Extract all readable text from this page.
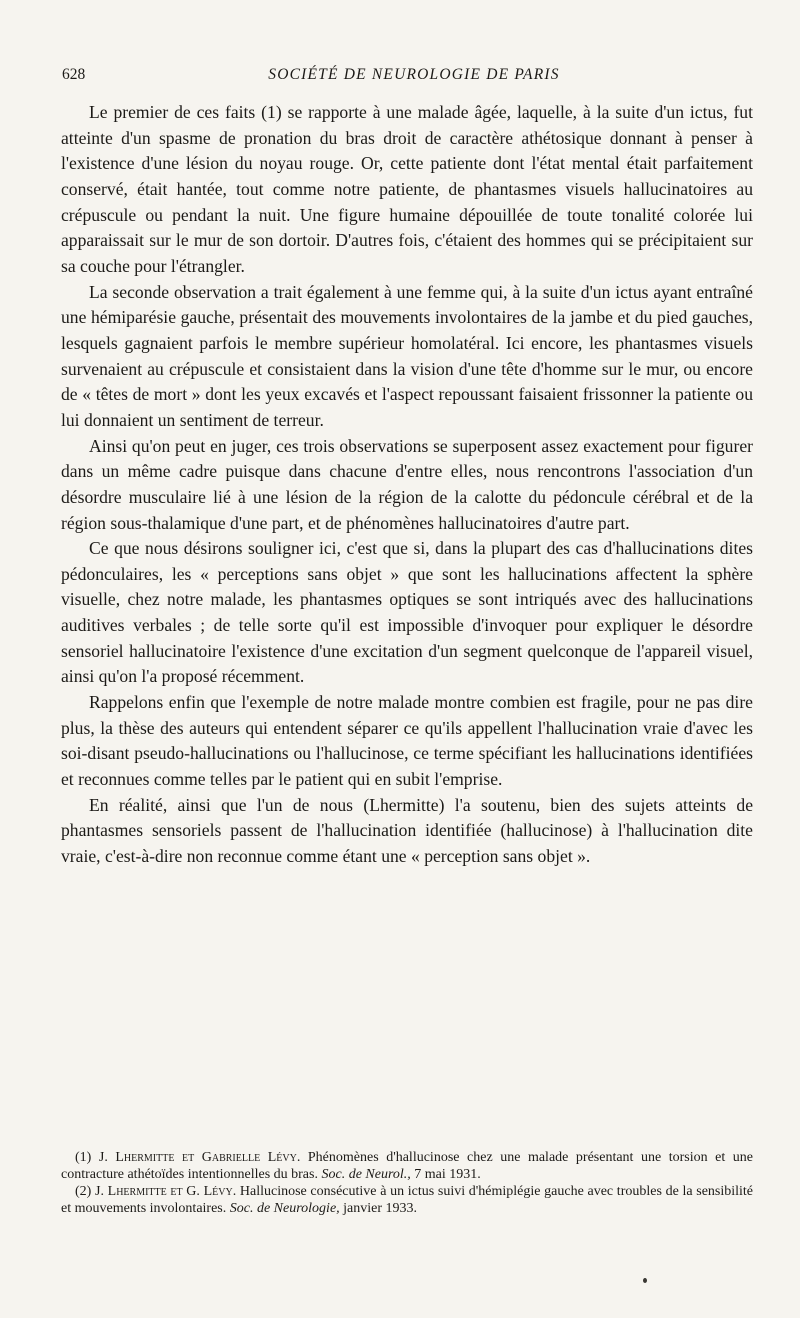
628	SOCIÉTÉ DE NEUROLOGIE DE PARIS

Le premier de ces faits (1) se rapporte à une malade âgée, laquelle, à la suite d'un ictus, fut atteinte d'un spasme de pronation du bras droit de caractère athétosique donnant à penser à l'existence d'une lésion du noyau rouge. Or, cette patiente dont l'état mental était parfaitement conservé, était hantée, tout comme notre patiente, de phantasmes visuels hallucinatoires au crépuscule ou pendant la nuit. Une figure humaine dépouillée de toute tonalité colorée lui apparaissait sur le mur de son dortoir. D'autres fois, c'étaient des hommes qui se précipitaient sur sa couche pour l'étrangler.

La seconde observation a trait également à une femme qui, à la suite d'un ictus ayant entraîné une hémiparésie gauche, présentait des mouvements involontaires de la jambe et du pied gauches, lesquels gagnaient parfois le membre supérieur homolatéral. Ici encore, les phantasmes visuels survenaient au crépuscule et consistaient dans la vision d'une tête d'homme sur le mur, ou encore de « têtes de mort » dont les yeux excavés et l'aspect repoussant faisaient frissonner la patiente ou lui donnaient un sentiment de terreur.

Ainsi qu'on peut en juger, ces trois observations se superposent assez exactement pour figurer dans un même cadre puisque dans chacune d'entre elles, nous rencontrons l'association d'un désordre musculaire lié à une lésion de la région de la calotte du pédoncule cérébral et de la région sous-thalamique d'une part, et de phénomènes hallucinatoires d'autre part.

Ce que nous désirons souligner ici, c'est que si, dans la plupart des cas d'hallucinations dites pédonculaires, les « perceptions sans objet » que sont les hallucinations affectent la sphère visuelle, chez notre malade, les phantasmes optiques se sont intriqués avec des hallucinations auditives verbales ; de telle sorte qu'il est impossible d'invoquer pour expliquer le désordre sensoriel hallucinatoire l'existence d'une excitation d'un segment quelconque de l'appareil visuel, ainsi qu'on l'a proposé récemment.

Rappelons enfin que l'exemple de notre malade montre combien est fragile, pour ne pas dire plus, la thèse des auteurs qui entendent séparer ce qu'ils appellent l'hallucination vraie d'avec les soi-disant pseudo-hallucinations ou l'hallucinose, ce terme spécifiant les hallucinations identifiées et reconnues comme telles par le patient qui en subit l'emprise.

En réalité, ainsi que l'un de nous (Lhermitte) l'a soutenu, bien des sujets atteints de phantasmes sensoriels passent de l'hallucination identifiée (hallucinose) à l'hallucination dite vraie, c'est-à-dire non reconnue comme étant une « perception sans objet ».

(1) J. Lhermitte et Gabrielle Lévy. Phénomènes d'hallucinose chez une malade présentant une torsion et une contracture athétoïdes intentionnelles du bras. Soc. de Neurol., 7 mai 1931.

(2) J. Lhermitte et G. Lévy. Hallucinose consécutive à un ictus suivi d'hémiplégie gauche avec troubles de la sensibilité et mouvements involontaires. Soc. de Neurologie, janvier 1933.
